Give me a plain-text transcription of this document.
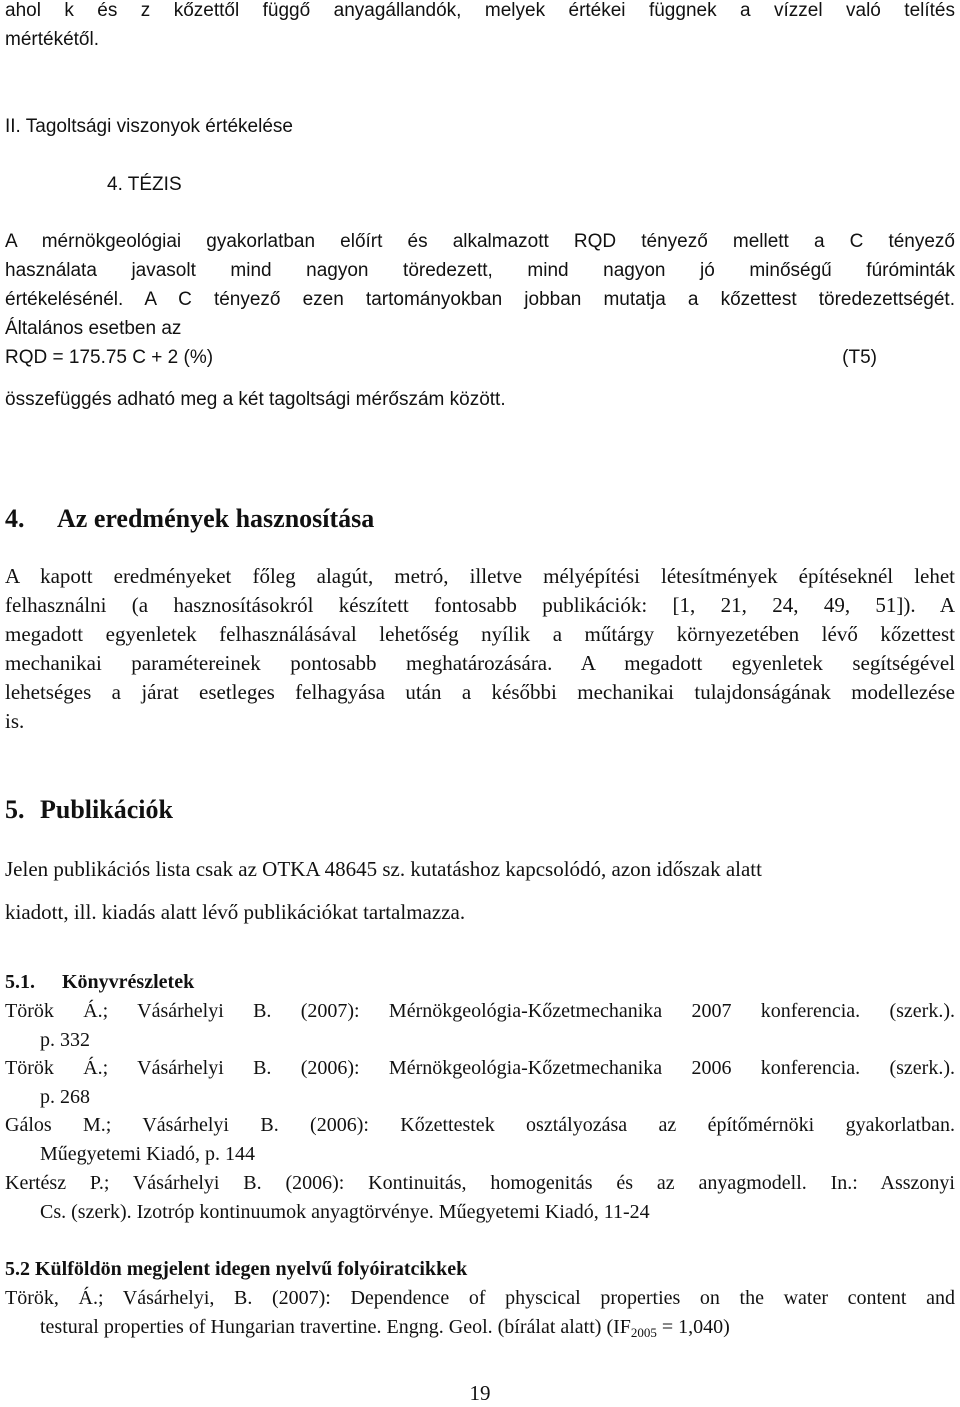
ahol k és z kőzettől függő anyagállandók, melyek értékei függnek a vízzel való telítés
mértékétől.
II. Tagoltsági viszonyok értékelése
4. TÉZIS
A mérnökgeológiai gyakorlatban előírt és alkalmazott RQD tényező mellett a C tényező
használata javasolt mind nagyon töredezett, mind nagyon jó minőségű fúróminták
értékelésénél. A C tényező ezen tartományokban jobban mutatja a kőzettest töredezettségét.
Általános esetben az
RQD = 175.75 C + 2 (%)	(T5)
összefüggés adható meg a két tagoltsági mérőszám között.
4. Az eredmények hasznosítása
A kapott eredményeket főleg alagút, metró, illetve mélyépítési létesítmények építéseknél lehet
felhasználni (a hasznosításokról készített fontosabb publikációk: [1, 21, 24, 49, 51]). A
megadott egyenletek felhasználásával lehetőség nyílik a műtárgy környezetében lévő kőzettest
mechanikai paramétereinek pontosabb meghatározására. A megadott egyenletek segítségével
lehetséges a járat esetleges felhagyása után a későbbi mechanikai tulajdonságának modellezése
is.
5. Publikációk
Jelen publikációs lista csak az OTKA 48645 sz. kutatáshoz kapcsolódó, azon időszak alatt
kiadott, ill. kiadás alatt lévő publikációkat tartalmazza.
5.1. Könyvrészletek
Török Á.; Vásárhelyi B. (2007): Mérnökgeológia-Kőzetmechanika 2007 konferencia. (szerk.).
p. 332
Török Á.; Vásárhelyi B. (2006): Mérnökgeológia-Kőzetmechanika 2006 konferencia. (szerk.).
p. 268
Gálos M.; Vásárhelyi B. (2006): Kőzettestek osztályozása az építőmérnöki gyakorlatban.
Műegyetemi Kiadó, p. 144
Kertész P.; Vásárhelyi B. (2006): Kontinuitás, homogenitás és az anyagmodell. In.: Asszonyi
Cs. (szerk). Izotróp kontinuumok anyagtörvénye. Műegyetemi Kiadó, 11-24
5.2 Külföldön megjelent idegen nyelvű folyóiratcikkek
Török, Á.; Vásárhelyi, B. (2007): Dependence of physcical properties on the water content and
testural properties of Hungarian travertine. Engng. Geol. (bírálat alatt) $(IF_{2005} = 1,040)$
19
